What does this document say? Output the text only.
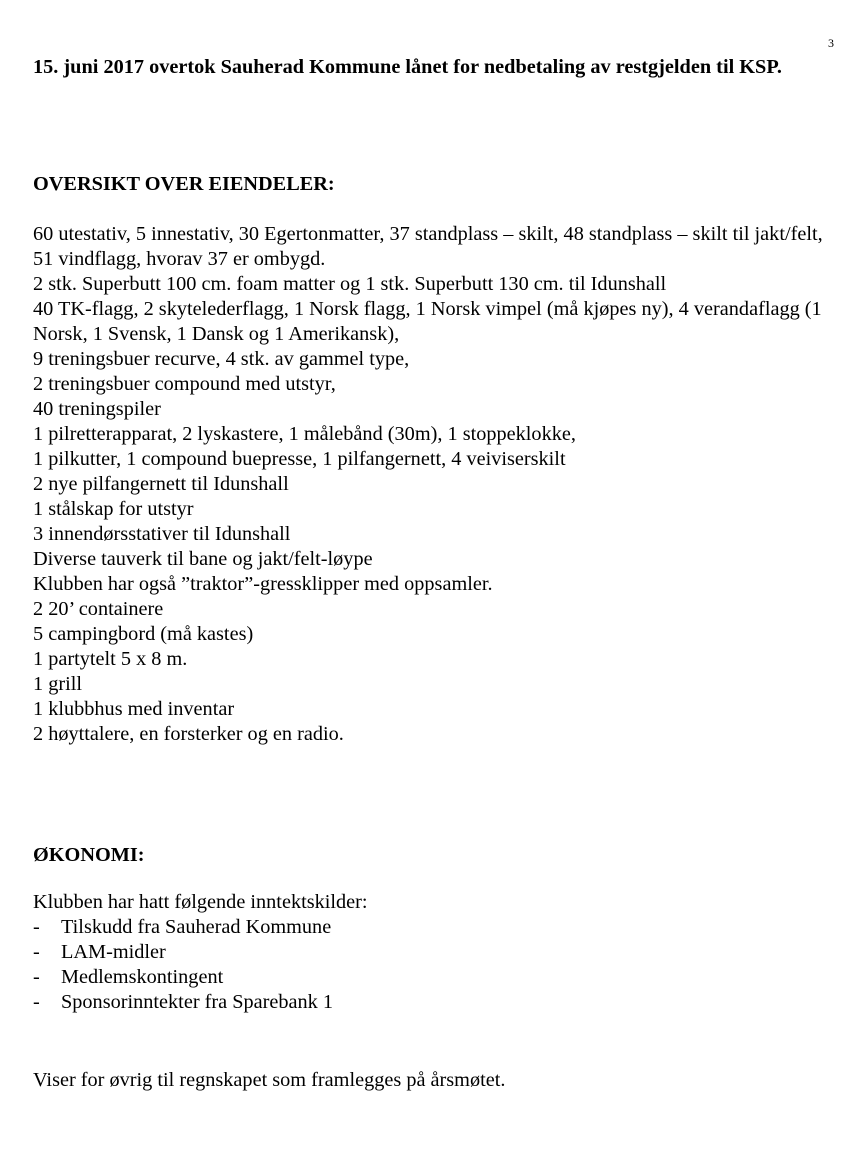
3

15. juni 2017 overtok Sauherad Kommune lånet for nedbetaling av restgjelden til KSP.

OVERSIKT OVER EIENDELER:
60 utestativ, 5 innestativ, 30 Egertonmatter, 37 standplass – skilt, 48 standplass – skilt til jakt/felt, 51 vindflagg, hvorav 37 er ombygd.
2 stk. Superbutt 100 cm. foam matter og 1 stk. Superbutt 130 cm. til Idunshall
40 TK-flagg, 2 skytelederflagg, 1 Norsk flagg, 1 Norsk vimpel (må kjøpes ny), 4 verandaflagg (1 Norsk, 1 Svensk, 1 Dansk og 1 Amerikansk),
9 treningsbuer recurve, 4 stk. av gammel type,
2 treningsbuer compound med utstyr,
40 treningspiler
1 pilretterapparat, 2 lyskastere, 1 målebånd (30m), 1 stoppeklokke,
1 pilkutter, 1 compound buepresse, 1 pilfangernett, 4 veiviserskilt
2 nye pilfangernett til Idunshall
1 stålskap for utstyr
3 innendørsstativer til Idunshall
Diverse tauverk til bane og jakt/felt-løype
Klubben har også ”traktor”-gressklipper med oppsamler.
2 20’ containere
5 campingbord (må kastes)
1 partytelt 5 x 8 m.
1 grill
1 klubbhus med inventar
2 høyttalere, en forsterker og en radio.
ØKONOMI:

Klubben har hatt følgende inntektskilder:

- Tilskudd fra Sauherad Kommune
- LAM-midler
- Medlemskontingent
- Sponsorinntekter fra Sparebank 1

Viser for øvrig til regnskapet som framlegges på årsmøtet.
